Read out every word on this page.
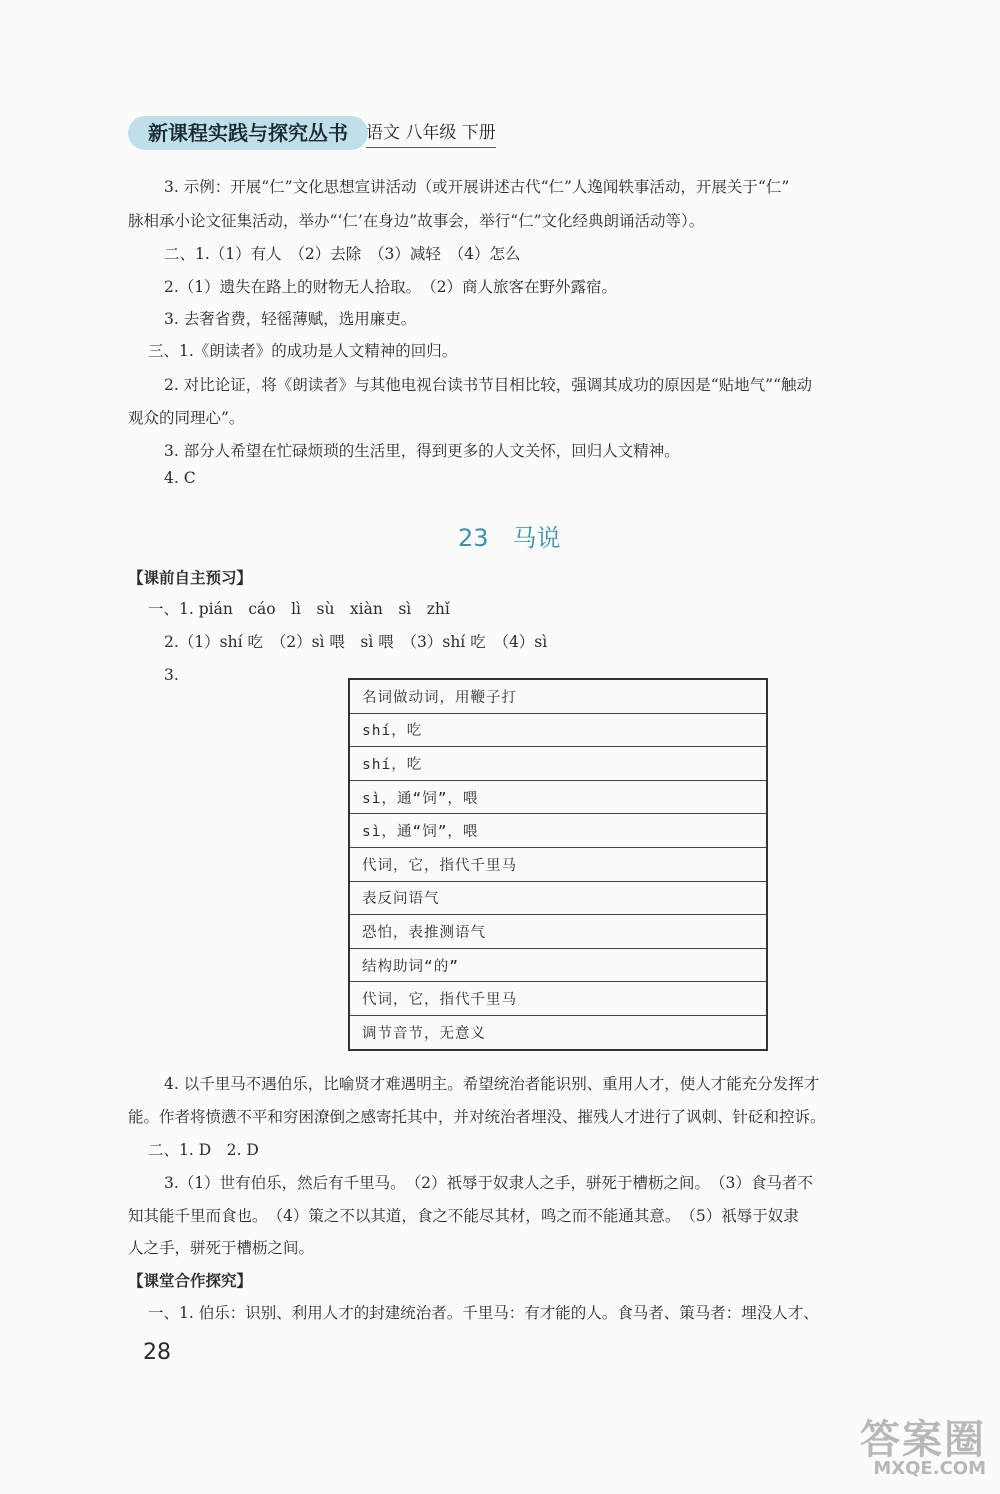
新课程实践与探究丛书	语文 八年级 下册
3. 示例：开展“仁”文化思想宣讲活动（或开展讲述古代“仁”人逸闻轶事活动，开展关于“仁”
脉相承小论文征集活动，举办“‘仁’在身边”故事会，举行“仁”文化经典朗诵活动等）。
二、1.（1）有人　（2）去除　（3）减轻　（4）怎么
2.（1）遗失在路上的财物无人拾取。　（2）商人旅客在野外露宿。
3. 去奢省费，轻徭薄赋，选用廉吏。
三、1.《朗读者》的成功是人文精神的回归。
2. 对比论证，将《朗读者》与其他电视台读书节目相比较，强调其成功的原因是“贴地气”“触动
观众的同理心”。
3. 部分人希望在忙碌烦琐的生活里，得到更多的人文关怀，回归人文精神。
4. C
23　马说
【课前自主预习】
一、1. pián　cáo　lì　sù　xiàn　sì　zhǐ
2.（1）shí 吃　（2）sì 喂　sì 喂　（3）shí 吃　（4）sì
3.
名词做动词，用鞭子打
shí，吃
shí，吃
sì，通“饲”，喂
sì，通“饲”，喂
代词，它，指代千里马
表反问语气
恐怕，表推测语气
结构助词“的”
代词，它，指代千里马
调节音节，无意义
4. 以千里马不遇伯乐，比喻贤才难遇明主。希望统治者能识别、重用人才，使人才能充分发挥才
能。作者将愤懑不平和穷困潦倒之感寄托其中，并对统治者埋没、摧残人才进行了讽刺、针砭和控诉。
二、1. D　2. D
3.（1）世有伯乐，然后有千里马。　（2）祇辱于奴隶人之手，骈死于槽枥之间。　（3）食马者不
知其能千里而食也。　（4）策之不以其道，食之不能尽其材，鸣之而不能通其意。　（5）祇辱于奴隶
人之手，骈死于槽枥之间。
【课堂合作探究】
一、1. 伯乐：识别、利用人才的封建统治者。千里马：有才能的人。食马者、策马者：埋没人才、
28
答案圈
MXQE.COM
